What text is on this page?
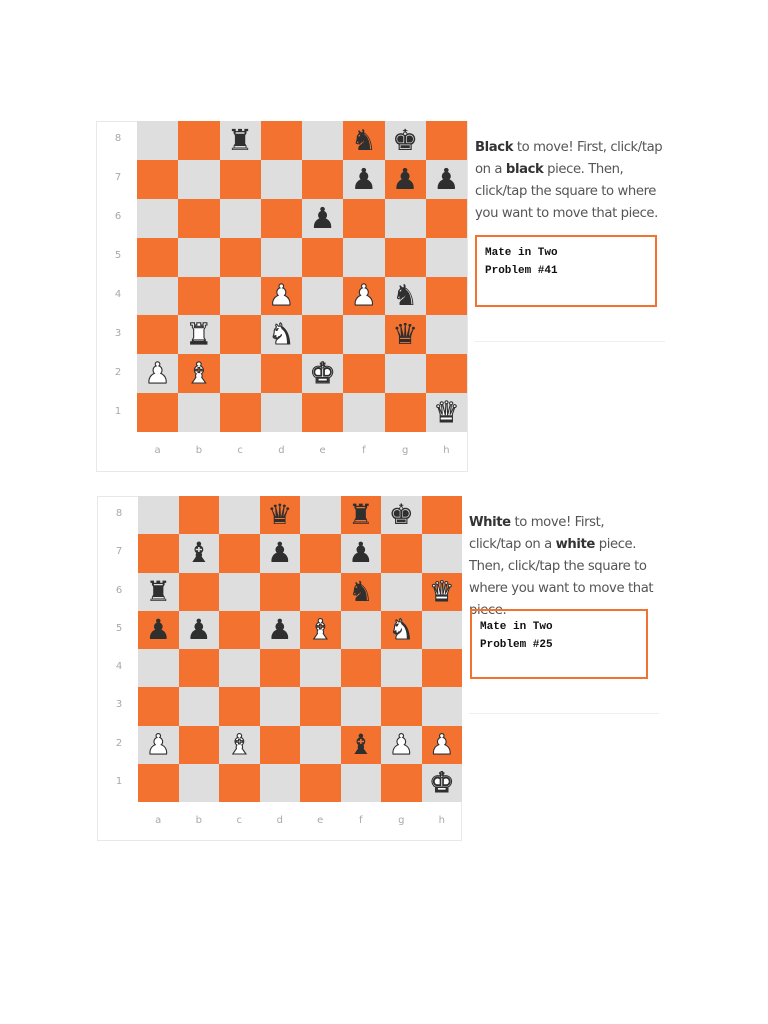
♜	♞ ♚
♟ ♟ ♟
♟
♟ ♟ ♞
♜ ♞	♛
♟ ♝	♚
♛
8
7
6
5
4
3
2
1
a	b	c	d	e	f	g	h
Black to move! First, click/tap on a black piece. Then, click/tap the square to where you want to move that piece.
Mate in Two
Problem #41
♛ ♜ ♚
♝ ♟ ♟
♜	♞ ♛
♟ ♟ ♟ ♝ ♞
♟ ♝	♝ ♟ ♟
♚
8
7
6
5
4
3
2
1
a	b	c	d	e	f	g	h
White to move! First, click/tap on a white piece. Then, click/tap the square to where you want to move that piece.
Mate in Two
Problem #25
